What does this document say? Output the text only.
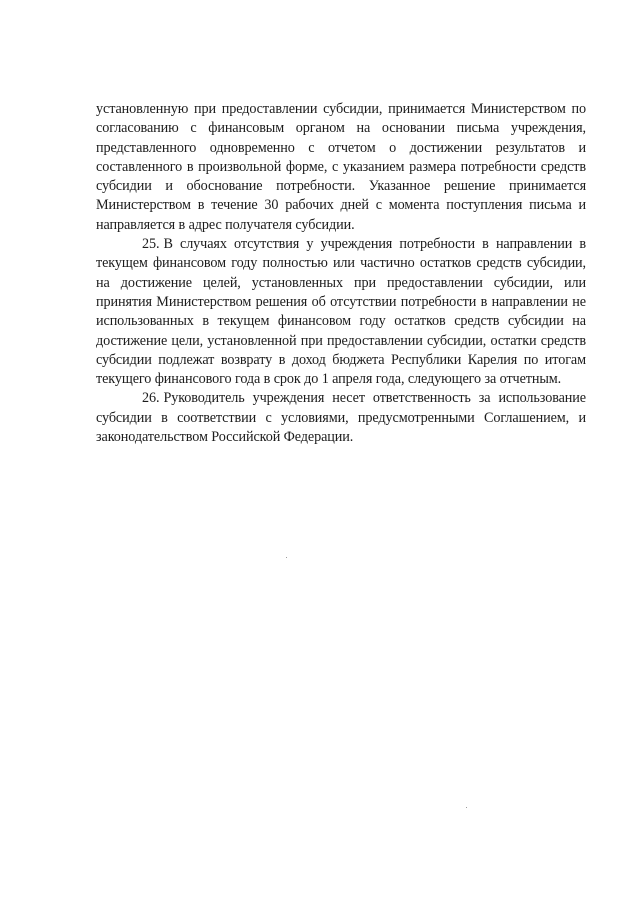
установленную при предоставлении субсидии, принимается Министерством по согласованию с финансовым органом на основании письма учреждения, представленного одновременно с отчетом о достижении результатов и составленного в произвольной форме, с указанием размера потребности средств субсидии и обоснование потребности. Указанное решение принимается Министерством в течение 30 рабочих дней с момента поступления письма и направляется в адрес получателя субсидии.

25. В случаях отсутствия у учреждения потребности в направлении в текущем финансовом году полностью или частично остатков средств субсидии, на достижение целей, установленных при предоставлении субсидии, или принятия Министерством решения об отсутствии потребности в направлении не использованных в текущем финансовом году остатков средств субсидии на достижение цели, установленной при предоставлении субсидии, остатки средств субсидии подлежат возврату в доход бюджета Республики Карелия по итогам текущего финансового года в срок до 1 апреля года, следующего за отчетным.

26. Руководитель учреждения несет ответственность за использование субсидии в соответствии с условиями, предусмотренными Соглашением, и законодательством Российской Федерации.
